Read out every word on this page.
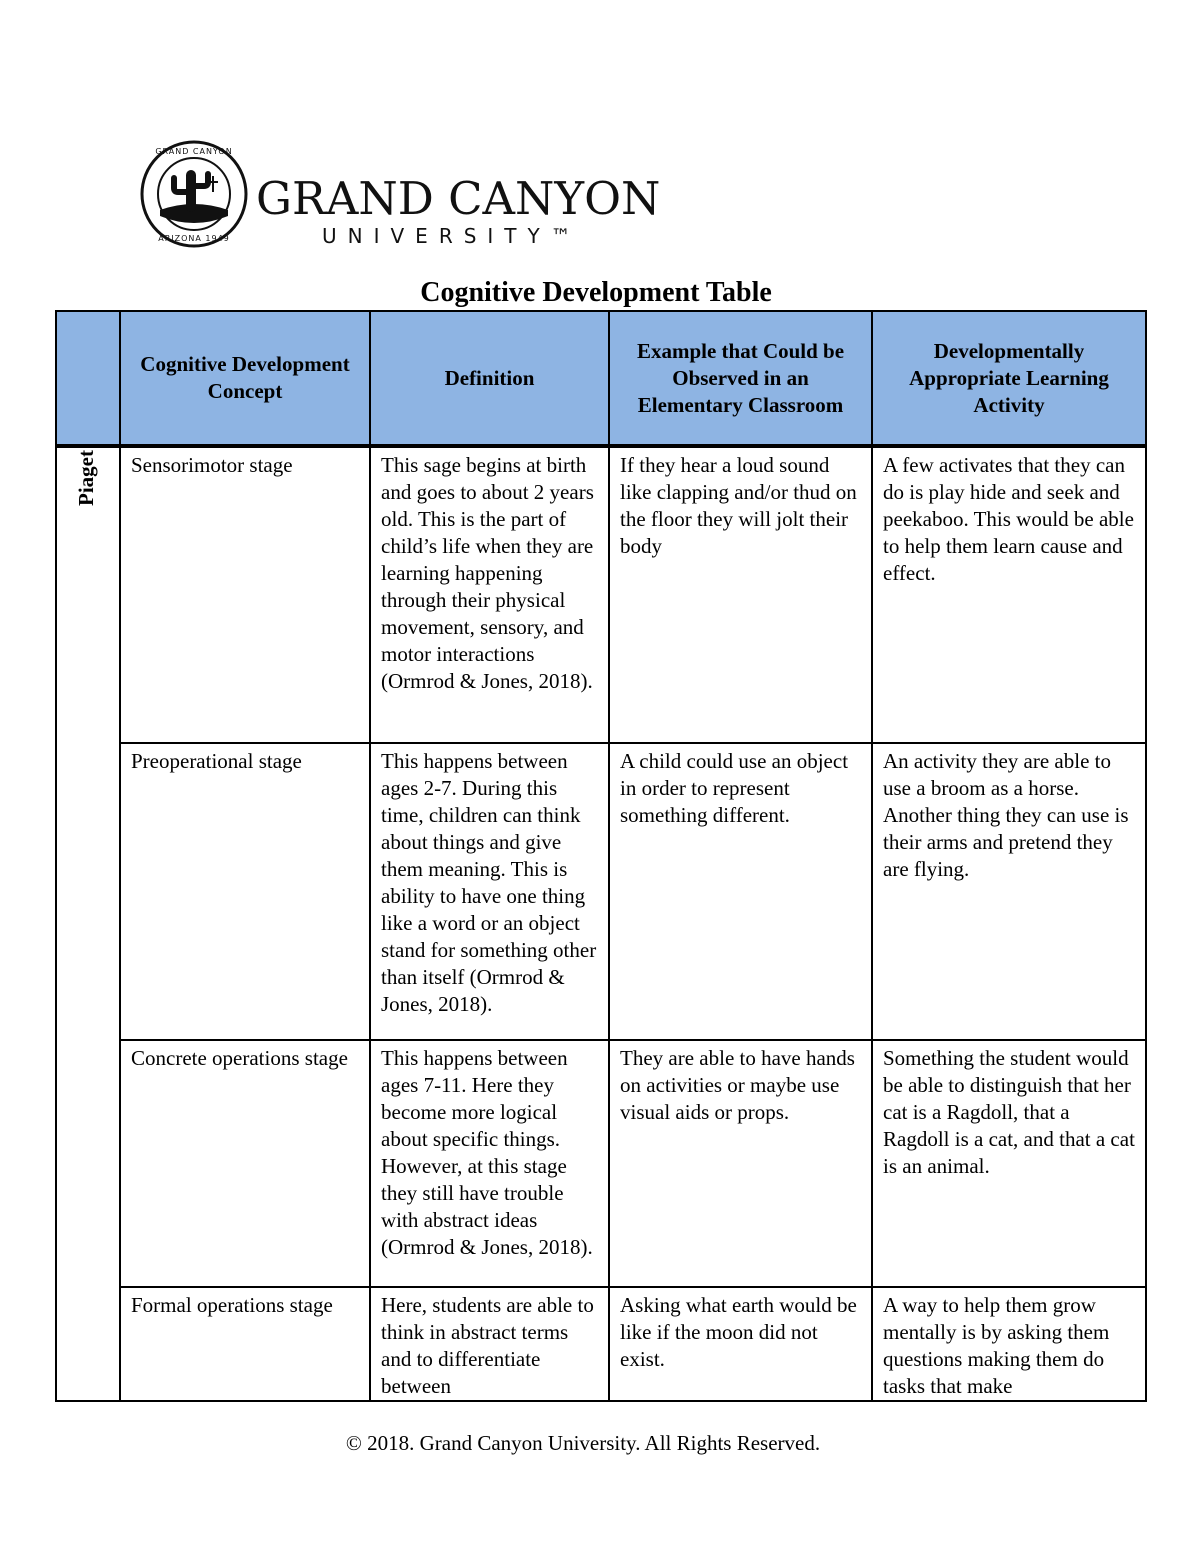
GRAND CANYON
ARIZONA 1949
GRAND CANYON
UNIVERSITY™
Cognitive Development Table
	Cognitive Development Concept	Definition	Example that Could be Observed in an Elementary Classroom	Developmentally Appropriate Learning Activity

Piaget	Sensorimotor stage	This sage begins at birth and goes to about 2 years old. This is the part of child’s life when they are learning happening through their physical movement, sensory, and motor interactions (Ormrod & Jones, 2018).	If they hear a loud sound like clapping and/or thud on the floor they will jolt their body	A few activates that they can do is play hide and seek and peekaboo. This would be able to help them learn cause and effect.
	Preoperational stage	This happens between ages 2-7. During this time, children can think about things and give them meaning. This is ability to have one thing like a word or an object stand for something other than itself (Ormrod & Jones, 2018).	A child could use an object in order to represent something different.	An activity they are able to use a broom as a horse. Another thing they can use is their arms and pretend they are flying.
	Concrete operations stage	This happens between ages 7-11. Here they become more logical about specific things. However, at this stage they still have trouble with abstract ideas (Ormrod & Jones, 2018).	They are able to have hands on activities or maybe use visual aids or props.	Something the student would be able to distinguish that her cat is a Ragdoll, that a Ragdoll is a cat, and that a cat is an animal.
	Formal operations stage	Here, students are able to think in abstract terms and to differentiate between	Asking what earth would be like if the moon did not exist.	A way to help them grow mentally is by asking them questions making them do tasks that make
© 2018. Grand Canyon University. All Rights Reserved.
